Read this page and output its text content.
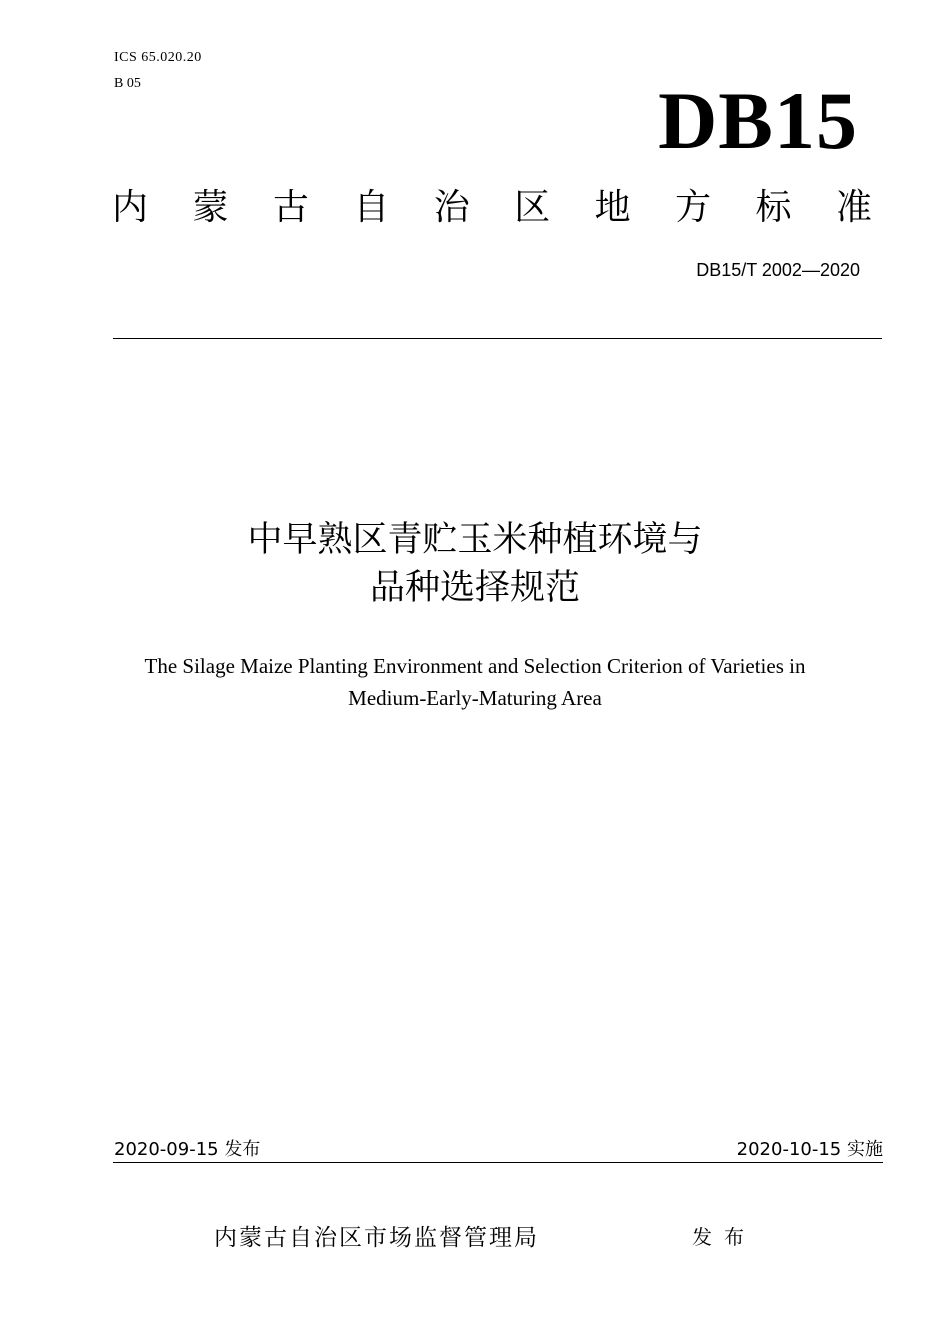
ICS 65.020.20
B 05	DB15
内 蒙 古 自 治 区 地 方 标 准
DB15/T 2002—2020
中早熟区青贮玉米种植环境与
品种选择规范
The Silage Maize Planting Environment and Selection Criterion of Varieties in
Medium-Early-Maturing Area
2020-09-15 发布	2020-10-15 实施
内蒙古自治区市场监督管理局	发布
